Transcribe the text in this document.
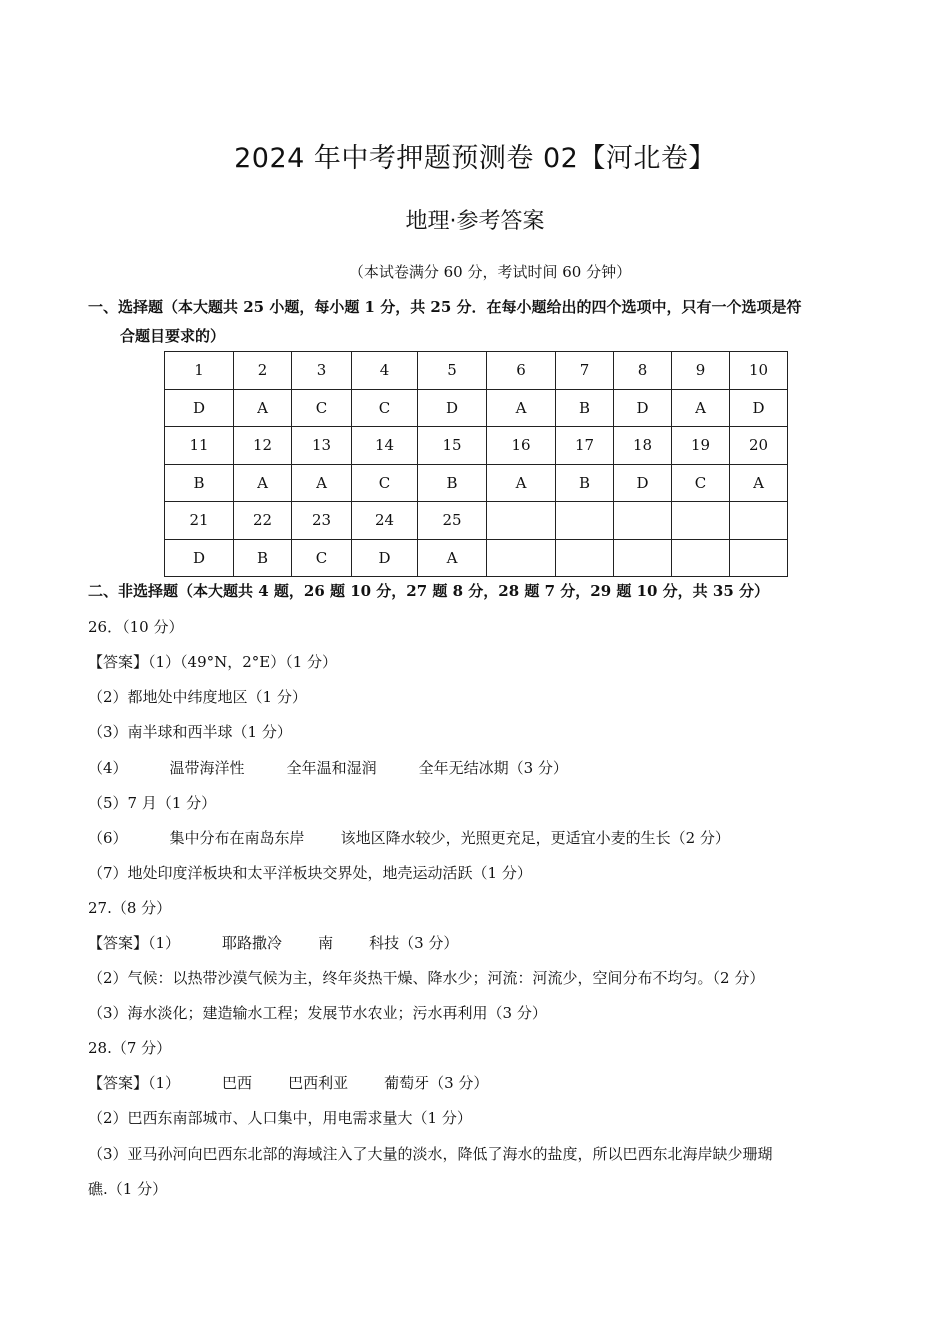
2024 年中考押题预测卷 02【河北卷】
地理·参考答案
（本试卷满分 60 分，考试时间 60 分钟）
一、选择题（本大题共 25 小题，每小题 1 分，共 25 分．在每小题给出的四个选项中，只有一个选项是符
合题目要求的）
1	2	3	4	5	6	7	8	9	10
D	A	C	C	D	A	B	D	A	D
11	12	13	14	15	16	17	18	19	20
B	A	A	C	B	A	B	D	C	A
21	22	23	24	25					
D	B	C	D	A					
二、非选择题（本大题共 4 题，26 题 10 分，27 题 8 分，28 题 7 分，29 题 10 分，共 35 分）
26．（10 分）
【答案】（1）（49°N，2°E）（1 分）
（2）都地处中纬度地区（1 分）
（3）南半球和西半球（1 分）
（4）	温带海洋性	全年温和湿润	全年无结冰期（3 分）
（5）7 月（1 分）
（6）	集中分布在南岛东岸 该地区降水较少，光照更充足，更适宜小麦的生长（2 分）
（7）地处印度洋板块和太平洋板块交界处，地壳运动活跃（1 分）
27.（8 分）
【答案】（1）	耶路撒冷 南 科技（3 分）
（2）气候：以热带沙漠气候为主，终年炎热干燥、降水少；河流：河流少，空间分布不均匀。（2 分）
（3）海水淡化；建造输水工程；发展节水农业；污水再利用（3 分）
28.（7 分）
【答案】（1）	巴西 巴西利亚 葡萄牙（3 分）
（2）巴西东南部城市、人口集中，用电需求量大（1 分）
（3）亚马孙河向巴西东北部的海域注入了大量的淡水，降低了海水的盐度，所以巴西东北海岸缺少珊瑚
礁.（1 分）
